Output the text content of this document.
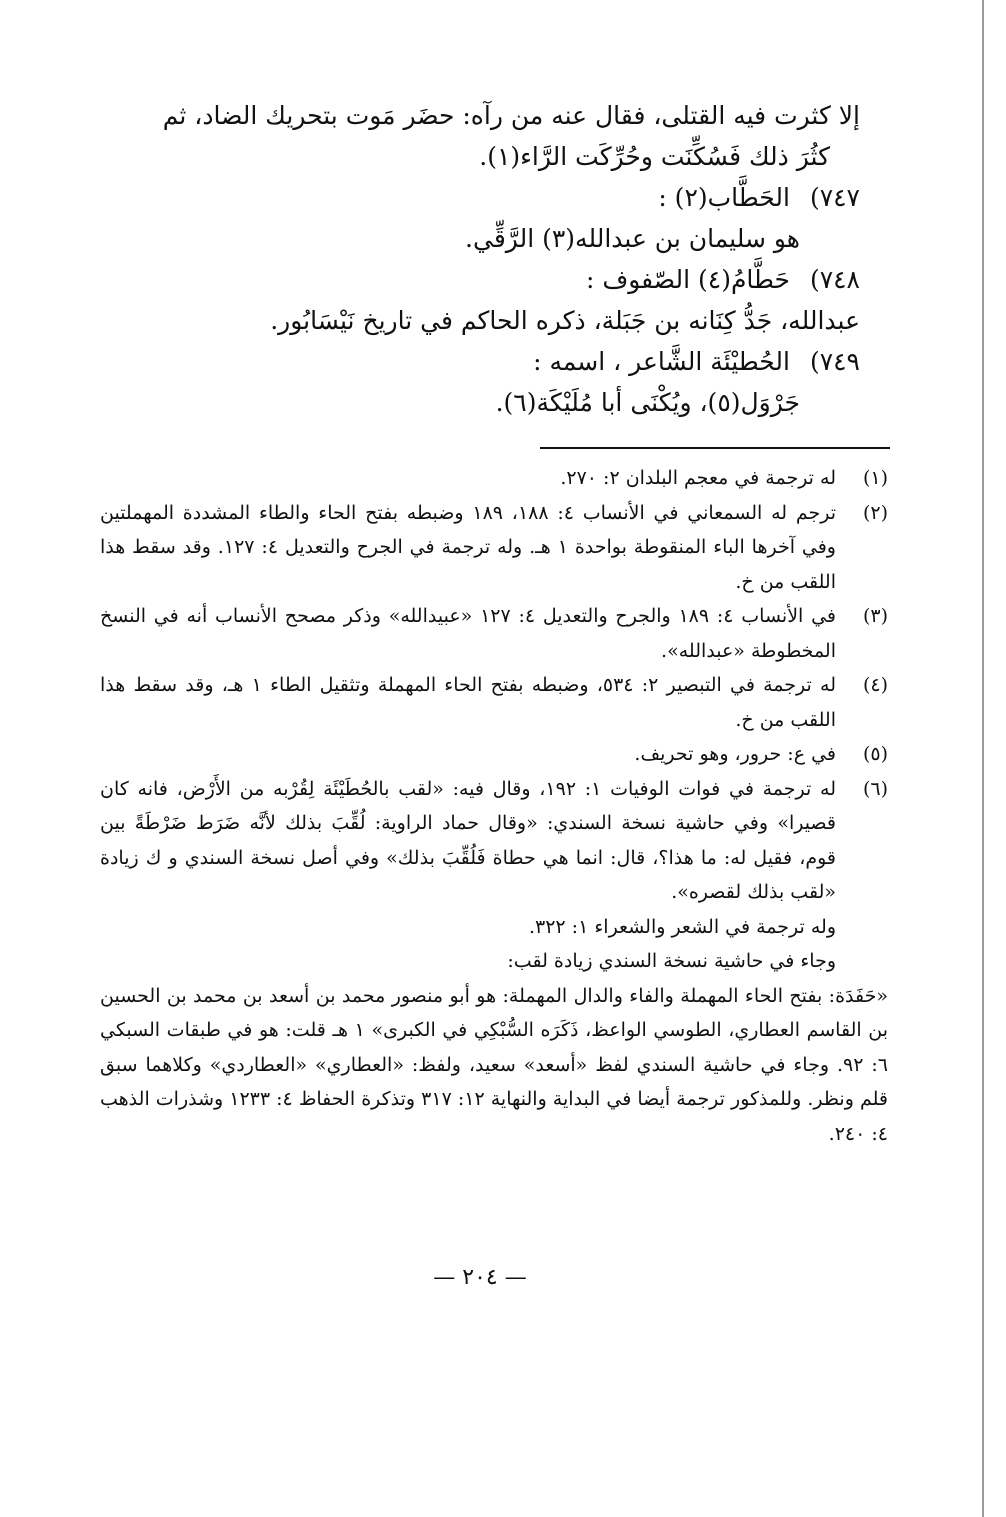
إلا كثرت فيه القتلى، فقال عنه من رآه: حضَر مَوت بتحريك الضاد، ثم

كثُرَ ذلك فَسُكِّنَت وحُرِّكَت الرَّاء(١).

٧٤٧)
الحَطَّاب(٢) :

هو سليمان بن عبدالله(٣) الرَّقِّي.

٧٤٨)
حَطَّامُ(٤) الصّفوف :

عبدالله، جَدُّ كِنَانه بن جَبَلة، ذكره الحاكم في تاريخ نَيْسَابُور.

٧٤٩)
الحُطيْئَة الشَّاعر ، اسمه :

جَرْوَل(٥)، ويُكْنَى أبا مُلَيْكَة(٦).

(١)

له ترجمة في معجم البلدان ٢: ٢٧٠.

(٢)

ترجم له السمعاني في الأنساب ٤: ١٨٨، ١٨٩ وضبطه بفتح الحاء والطاء المشددة المهملتين وفي آخرها الباء المنقوطة بواحدة ١ هـ. وله ترجمة في الجرح والتعديل ٤: ١٢٧. وقد سقط هذا اللقب من خ.

(٣)

في الأنساب ٤: ١٨٩ والجرح والتعديل ٤: ١٢٧ «عبيدالله» وذكر مصحح الأنساب أنه في النسخ المخطوطة «عبدالله».

(٤)

له ترجمة في التبصير ٢: ٥٣٤، وضبطه بفتح الحاء المهملة وتثقيل الطاء ١ هـ، وقد سقط هذا اللقب من خ.

(٥)

في ع: حرور، وهو تحريف.

(٦)

له ترجمة في فوات الوفيات ١: ١٩٢، وقال فيه: «لقب بالحُطَيْئَة لِقُرْبه من الأَرْض، فانه كان قصيرا» وفي حاشية نسخة السندي: «وقال حماد الراوية: لُقِّبَ بذلك لأنَّه ضَرَط ضَرْطَةً بين قوم، فقيل له: ما هذا؟، قال: انما هي حطاة فَلُقِّبَ بذلك» وفي أصل نسخة السندي و ك زيادة «لقب بذلك لقصره».

وله ترجمة في الشعر والشعراء ١: ٣٢٢.

وجاء في حاشية نسخة السندي زيادة لقب:

«حَفَدَة: بفتح الحاء المهملة والفاء والدال المهملة: هو أبو منصور محمد بن أسعد بن محمد بن الحسين بن القاسم العطاري، الطوسي الواعظ، ذَكَرَه السُّبْكِي في الكبرى» ١ هـ قلت: هو في طبقات السبكي ٦: ٩٢. وجاء في حاشية السندي لفظ «أسعد» سعيد، ولفظ: «العطاري» «العطاردي» وكلاهما سبق قلم ونظر. وللمذكور ترجمة أيضا في البداية والنهاية ١٢: ٣١٧ وتذكرة الحفاظ ٤: ١٢٣٣ وشذرات الذهب ٤: ٢٤٠.

— ٢٠٤ —
